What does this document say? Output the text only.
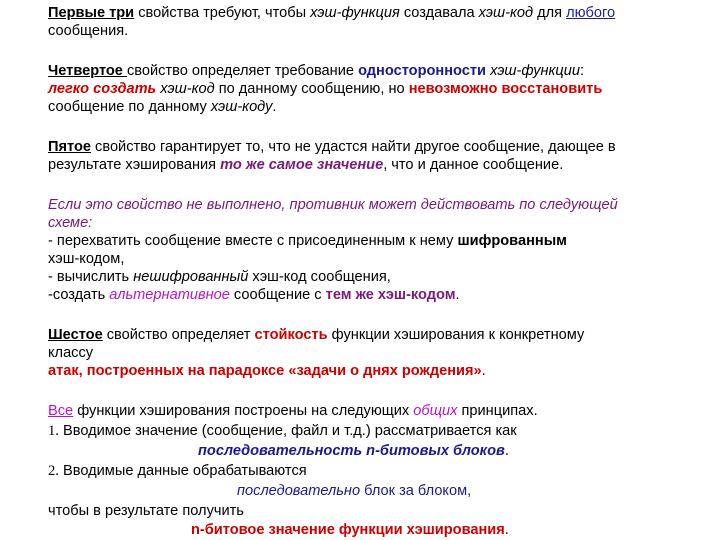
Первые три свойства требуют, чтобы хэш-функция создавала хэш-код для любого
сообщения.
Четвертое свойство определяет требование односторонности хэш-функции:
легко создать хэш-код по данному сообщению, но невозможно восстановить
сообщение по данному хэш-коду.
Пятое свойство гарантирует то, что не удастся найти другое сообщение, дающее в
результате хэширования то же самое значение, что и данное сообщение.
Если это свойство не выполнено, противник может действовать по следующей
схеме:
- перехватить сообщение вместе с присоединенным к нему шифрованным
хэш-кодом,
- вычислить нешифрованный хэш-код сообщения,
-создать альтернативное сообщение с тем же хэш-кодом.
Шестое свойство определяет стойкость функции хэширования к конкретному
классу
атак, построенных на парадоксе «задачи о днях рождения».
Все функции хэширования построены на следующих общих принципах.
1. Вводимое значение (сообщение, файл и т.д.) рассматривается как
последовательность n-битовых блоков.
2. Вводимые данные обрабатываются
последовательно блок за блоком,
чтобы в результате получить
n-битовое значение функции хэширования.
